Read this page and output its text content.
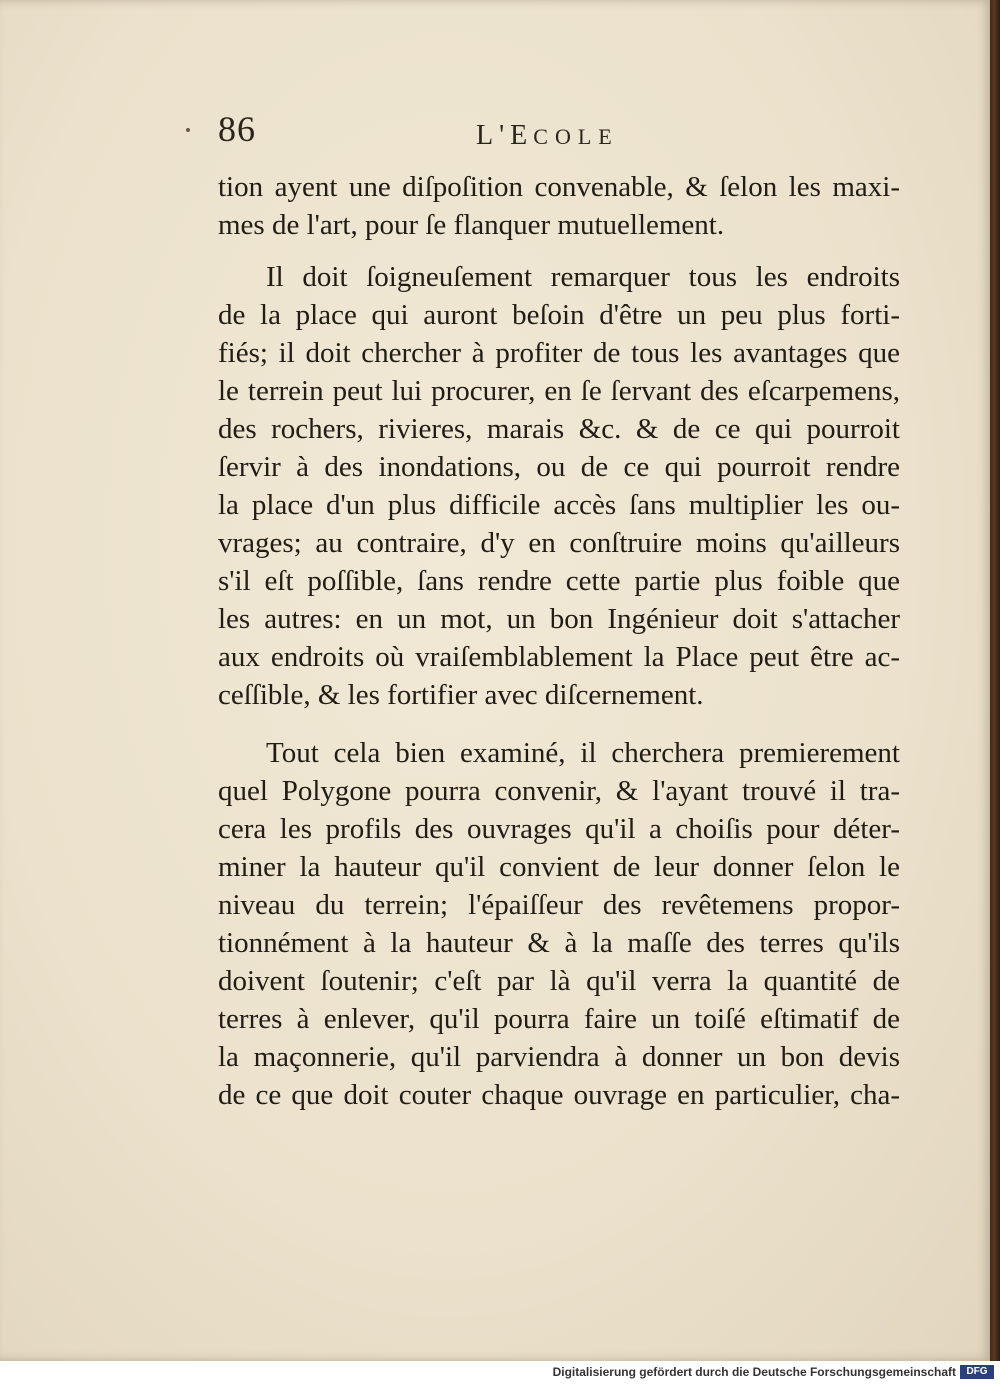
86	L'ECOLE

tion ayent une diſpoſition convenable, & ſelon les maxi-
mes de l'art, pour ſe flanquer mutuellement.

Il doit ſoigneuſement remarquer tous les endroits
de la place qui auront beſoin d'être un peu plus forti-
fiés; il doit chercher à profiter de tous les avantages que
le terrein peut lui procurer, en ſe ſervant des eſcarpemens,
des rochers, rivieres, marais &c. & de ce qui pourroit
ſervir à des inondations, ou de ce qui pourroit rendre
la place d'un plus difficile accès ſans multiplier les ou-
vrages; au contraire, d'y en conſtruire moins qu'ailleurs
s'il eſt poſſible, ſans rendre cette partie plus foible que
les autres: en un mot, un bon Ingénieur doit s'attacher
aux endroits où vraiſemblablement la Place peut être ac-
ceſſible, & les fortifier avec diſcernement.

Tout cela bien examiné, il cherchera premierement
quel Polygone pourra convenir, & l'ayant trouvé il tra-
cera les profils des ouvrages qu'il a choiſis pour déter-
miner la hauteur qu'il convient de leur donner ſelon le
niveau du terrein; l'épaiſſeur des revêtemens propor-
tionnément à la hauteur & à la maſſe des terres qu'ils
doivent ſoutenir; c'eſt par là qu'il verra la quantité de
terres à enlever, qu'il pourra faire un toiſé eſtimatif de
la maçonnerie, qu'il parviendra à donner un bon devis
de ce que doit couter chaque ouvrage en particulier, cha-

Digitalisierung gefördert durch die Deutsche Forschungsgemeinschaft	DFG
